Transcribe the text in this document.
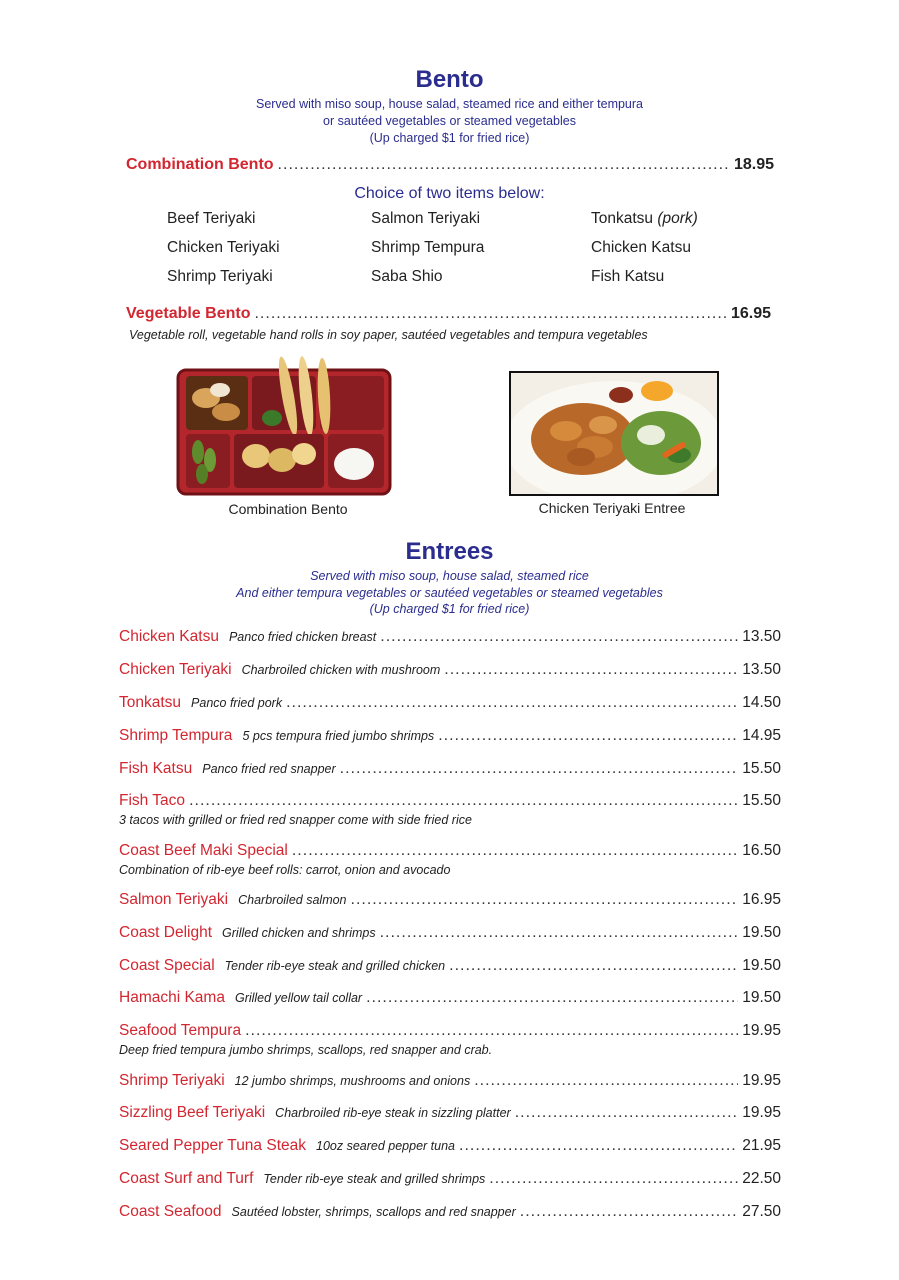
Bento
Served with miso soup, house salad, steamed rice and either tempura
or sautéed vegetables or steamed vegetables
(Up charged $1 for fried rice)
Combination Bento .....	18.95
Choice of two items below:
Beef Teriyaki	Salmon Teriyaki	Tonkatsu (pork)
Chicken Teriyaki	Shrimp Tempura	Chicken Katsu
Shrimp Teriyaki	Saba Shio	Fish Katsu
Vegetable Bento .....	16.95
Vegetable roll, vegetable hand rolls in soy paper, sautéed vegetables and tempura vegetables
Combination Bento	Chicken Teriyaki Entree
Entrees
Served with miso soup, house salad, steamed rice
And either tempura vegetables or sautéed vegetables or steamed vegetables
(Up charged $1 for fried rice)
Chicken Katsu Panco fried chicken breast .....	13.50
Chicken Teriyaki Charbroiled chicken with mushroom .....	13.50
Tonkatsu Panco fried pork .....	14.50
Shrimp Tempura 5 pcs tempura fried jumbo shrimps .....	14.95
Fish Katsu Panco fried red snapper .....	15.50
Fish Taco .....	15.50
3 tacos with grilled or fried red snapper come with side fried rice
Coast Beef Maki Special .....	16.50
Combination of rib-eye beef rolls: carrot, onion and avocado
Salmon Teriyaki Charbroiled salmon .....	16.95
Coast Delight Grilled chicken and shrimps .....	19.50
Coast Special Tender rib-eye steak and grilled chicken .....	19.50
Hamachi Kama Grilled yellow tail collar .....	19.50
Seafood Tempura .....	19.95
Deep fried tempura jumbo shrimps, scallops, red snapper and crab.
Shrimp Teriyaki 12 jumbo shrimps, mushrooms and onions .....	19.95
Sizzling Beef Teriyaki Charbroiled rib-eye steak in sizzling platter .....	19.95
Seared Pepper Tuna Steak 10oz seared pepper tuna .....	21.95
Coast Surf and Turf Tender rib-eye steak and grilled shrimps .....	22.50
Coast Seafood Sautéed lobster, shrimps, scallops and red snapper .....	27.50
